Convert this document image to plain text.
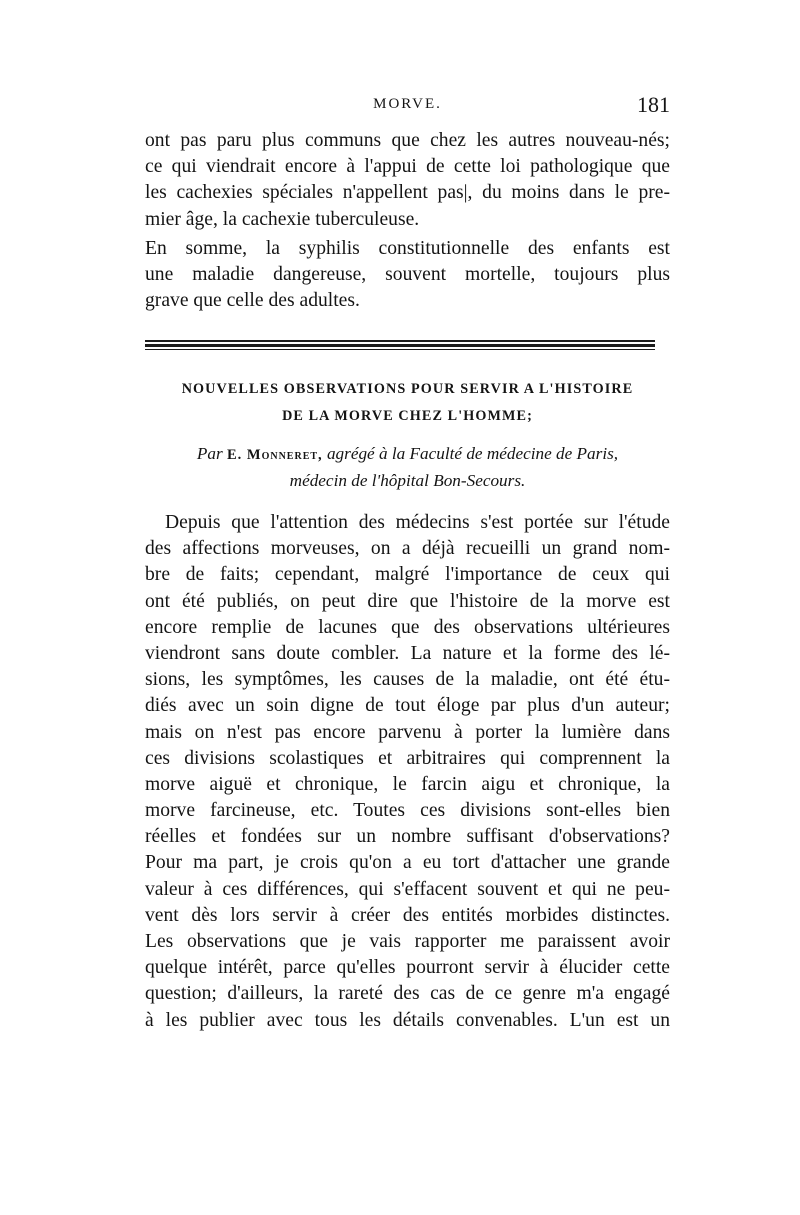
MORVE.	181
ont pas paru plus communs que chez les autres nouveau-nés;
ce qui viendrait encore à l'appui de cette loi pathologique que
les cachexies spéciales n'appellent pas|, du moins dans le pre-
mier âge, la cachexie tuberculeuse.
En somme, la syphilis constitutionnelle des enfants est
une maladie dangereuse, souvent mortelle, toujours plus
grave que celle des adultes.
NOUVELLES OBSERVATIONS POUR SERVIR A L'HISTOIRE
DE LA MORVE CHEZ L'HOMME;
Par E. Monneret, agrégé à la Faculté de médecine de Paris,
médecin de l'hôpital Bon-Secours.
Depuis que l'attention des médecins s'est portée sur l'étude
des affections morveuses, on a déjà recueilli un grand nom-
bre de faits; cependant, malgré l'importance de ceux qui
ont été publiés, on peut dire que l'histoire de la morve est
encore remplie de lacunes que des observations ultérieures
viendront sans doute combler. La nature et la forme des lé-
sions, les symptômes, les causes de la maladie, ont été étu-
diés avec un soin digne de tout éloge par plus d'un auteur;
mais on n'est pas encore parvenu à porter la lumière dans
ces divisions scolastiques et arbitraires qui comprennent la
morve aiguë et chronique, le farcin aigu et chronique, la
morve farcineuse, etc. Toutes ces divisions sont-elles bien
réelles et fondées sur un nombre suffisant d'observations?
Pour ma part, je crois qu'on a eu tort d'attacher une grande
valeur à ces différences, qui s'effacent souvent et qui ne peu-
vent dès lors servir à créer des entités morbides distinctes.
Les observations que je vais rapporter me paraissent avoir
quelque intérêt, parce qu'elles pourront servir à élucider cette
question; d'ailleurs, la rareté des cas de ce genre m'a engagé
à les publier avec tous les détails convenables. L'un est un
